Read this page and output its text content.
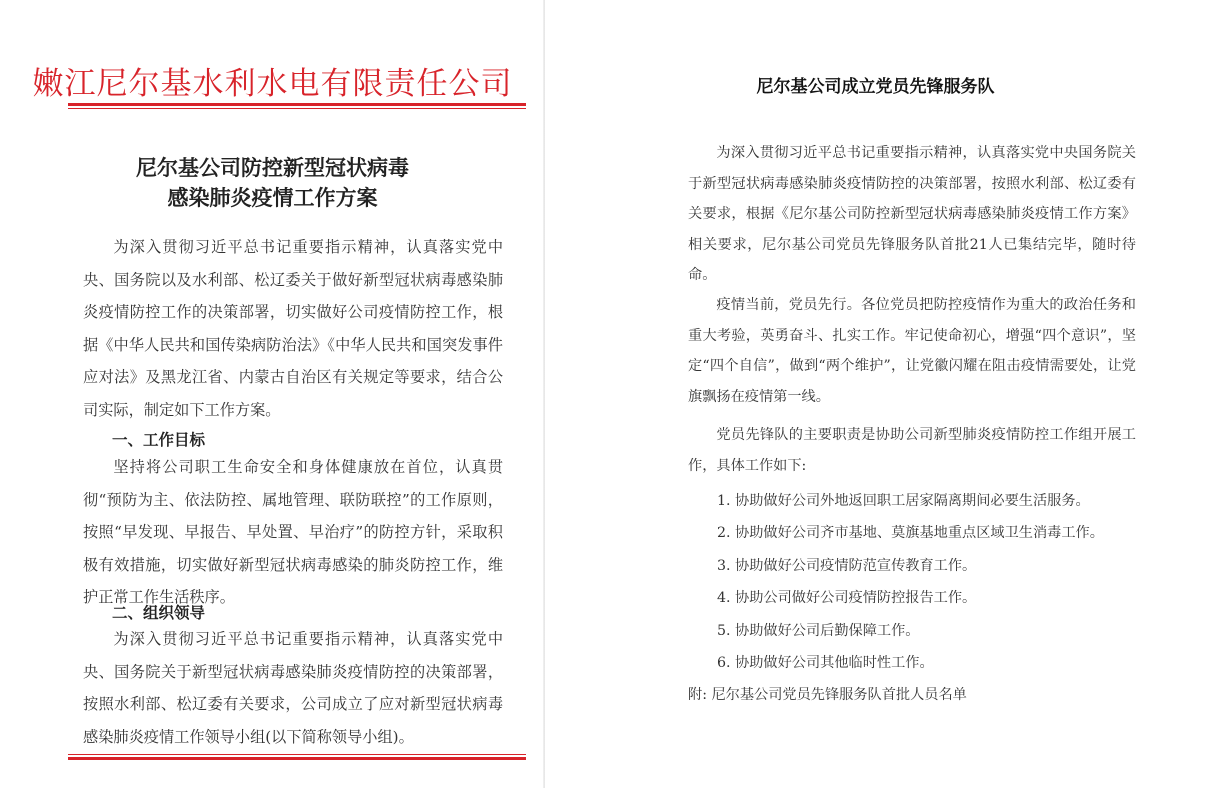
嫩江尼尔基水利水电有限责任公司
尼尔基公司防控新型冠状病毒
感染肺炎疫情工作方案

为深入贯彻习近平总书记重要指示精神，认真落实党中央、国务院以及水利部、松辽委关于做好新型冠状病毒感染肺炎疫情防控工作的决策部署，切实做好公司疫情防控工作，根据《中华人民共和国传染病防治法》《中华人民共和国突发事件应对法》及黑龙江省、内蒙古自治区有关规定等要求，结合公司实际，制定如下工作方案。

一、工作目标

坚持将公司职工生命安全和身体健康放在首位，认真贯彻“预防为主、依法防控、属地管理、联防联控”的工作原则，按照“早发现、早报告、早处置、早治疗”的防控方针，采取积极有效措施，切实做好新型冠状病毒感染的肺炎防控工作，维护正常工作生活秩序。

二、组织领导

为深入贯彻习近平总书记重要指示精神，认真落实党中央、国务院关于新型冠状病毒感染肺炎疫情防控的决策部署，按照水利部、松辽委有关要求，公司成立了应对新型冠状病毒感染肺炎疫情工作领导小组(以下简称领导小组)。

尼尔基公司成立党员先锋服务队

为深入贯彻习近平总书记重要指示精神，认真落实党中央国务院关于新型冠状病毒感染肺炎疫情防控的决策部署，按照水利部、松辽委有关要求，根据《尼尔基公司防控新型冠状病毒感染肺炎疫情工作方案》相关要求，尼尔基公司党员先锋服务队首批21人已集结完毕，随时待命。

疫情当前，党员先行。各位党员把防控疫情作为重大的政治任务和重大考验，英勇奋斗、扎实工作。牢记使命初心，增强“四个意识”，坚定“四个自信”，做到“两个维护”，让党徽闪耀在阻击疫情需要处，让党旗飘扬在疫情第一线。

党员先锋队的主要职责是协助公司新型肺炎疫情防控工作组开展工作，具体工作如下:

1. 协助做好公司外地返回职工居家隔离期间必要生活服务。
2. 协助做好公司齐市基地、莫旗基地重点区域卫生消毒工作。
3. 协助做好公司疫情防范宣传教育工作。
4. 协助公司做好公司疫情防控报告工作。
5. 协助做好公司后勤保障工作。
6. 协助做好公司其他临时性工作。
附: 尼尔基公司党员先锋服务队首批人员名单
